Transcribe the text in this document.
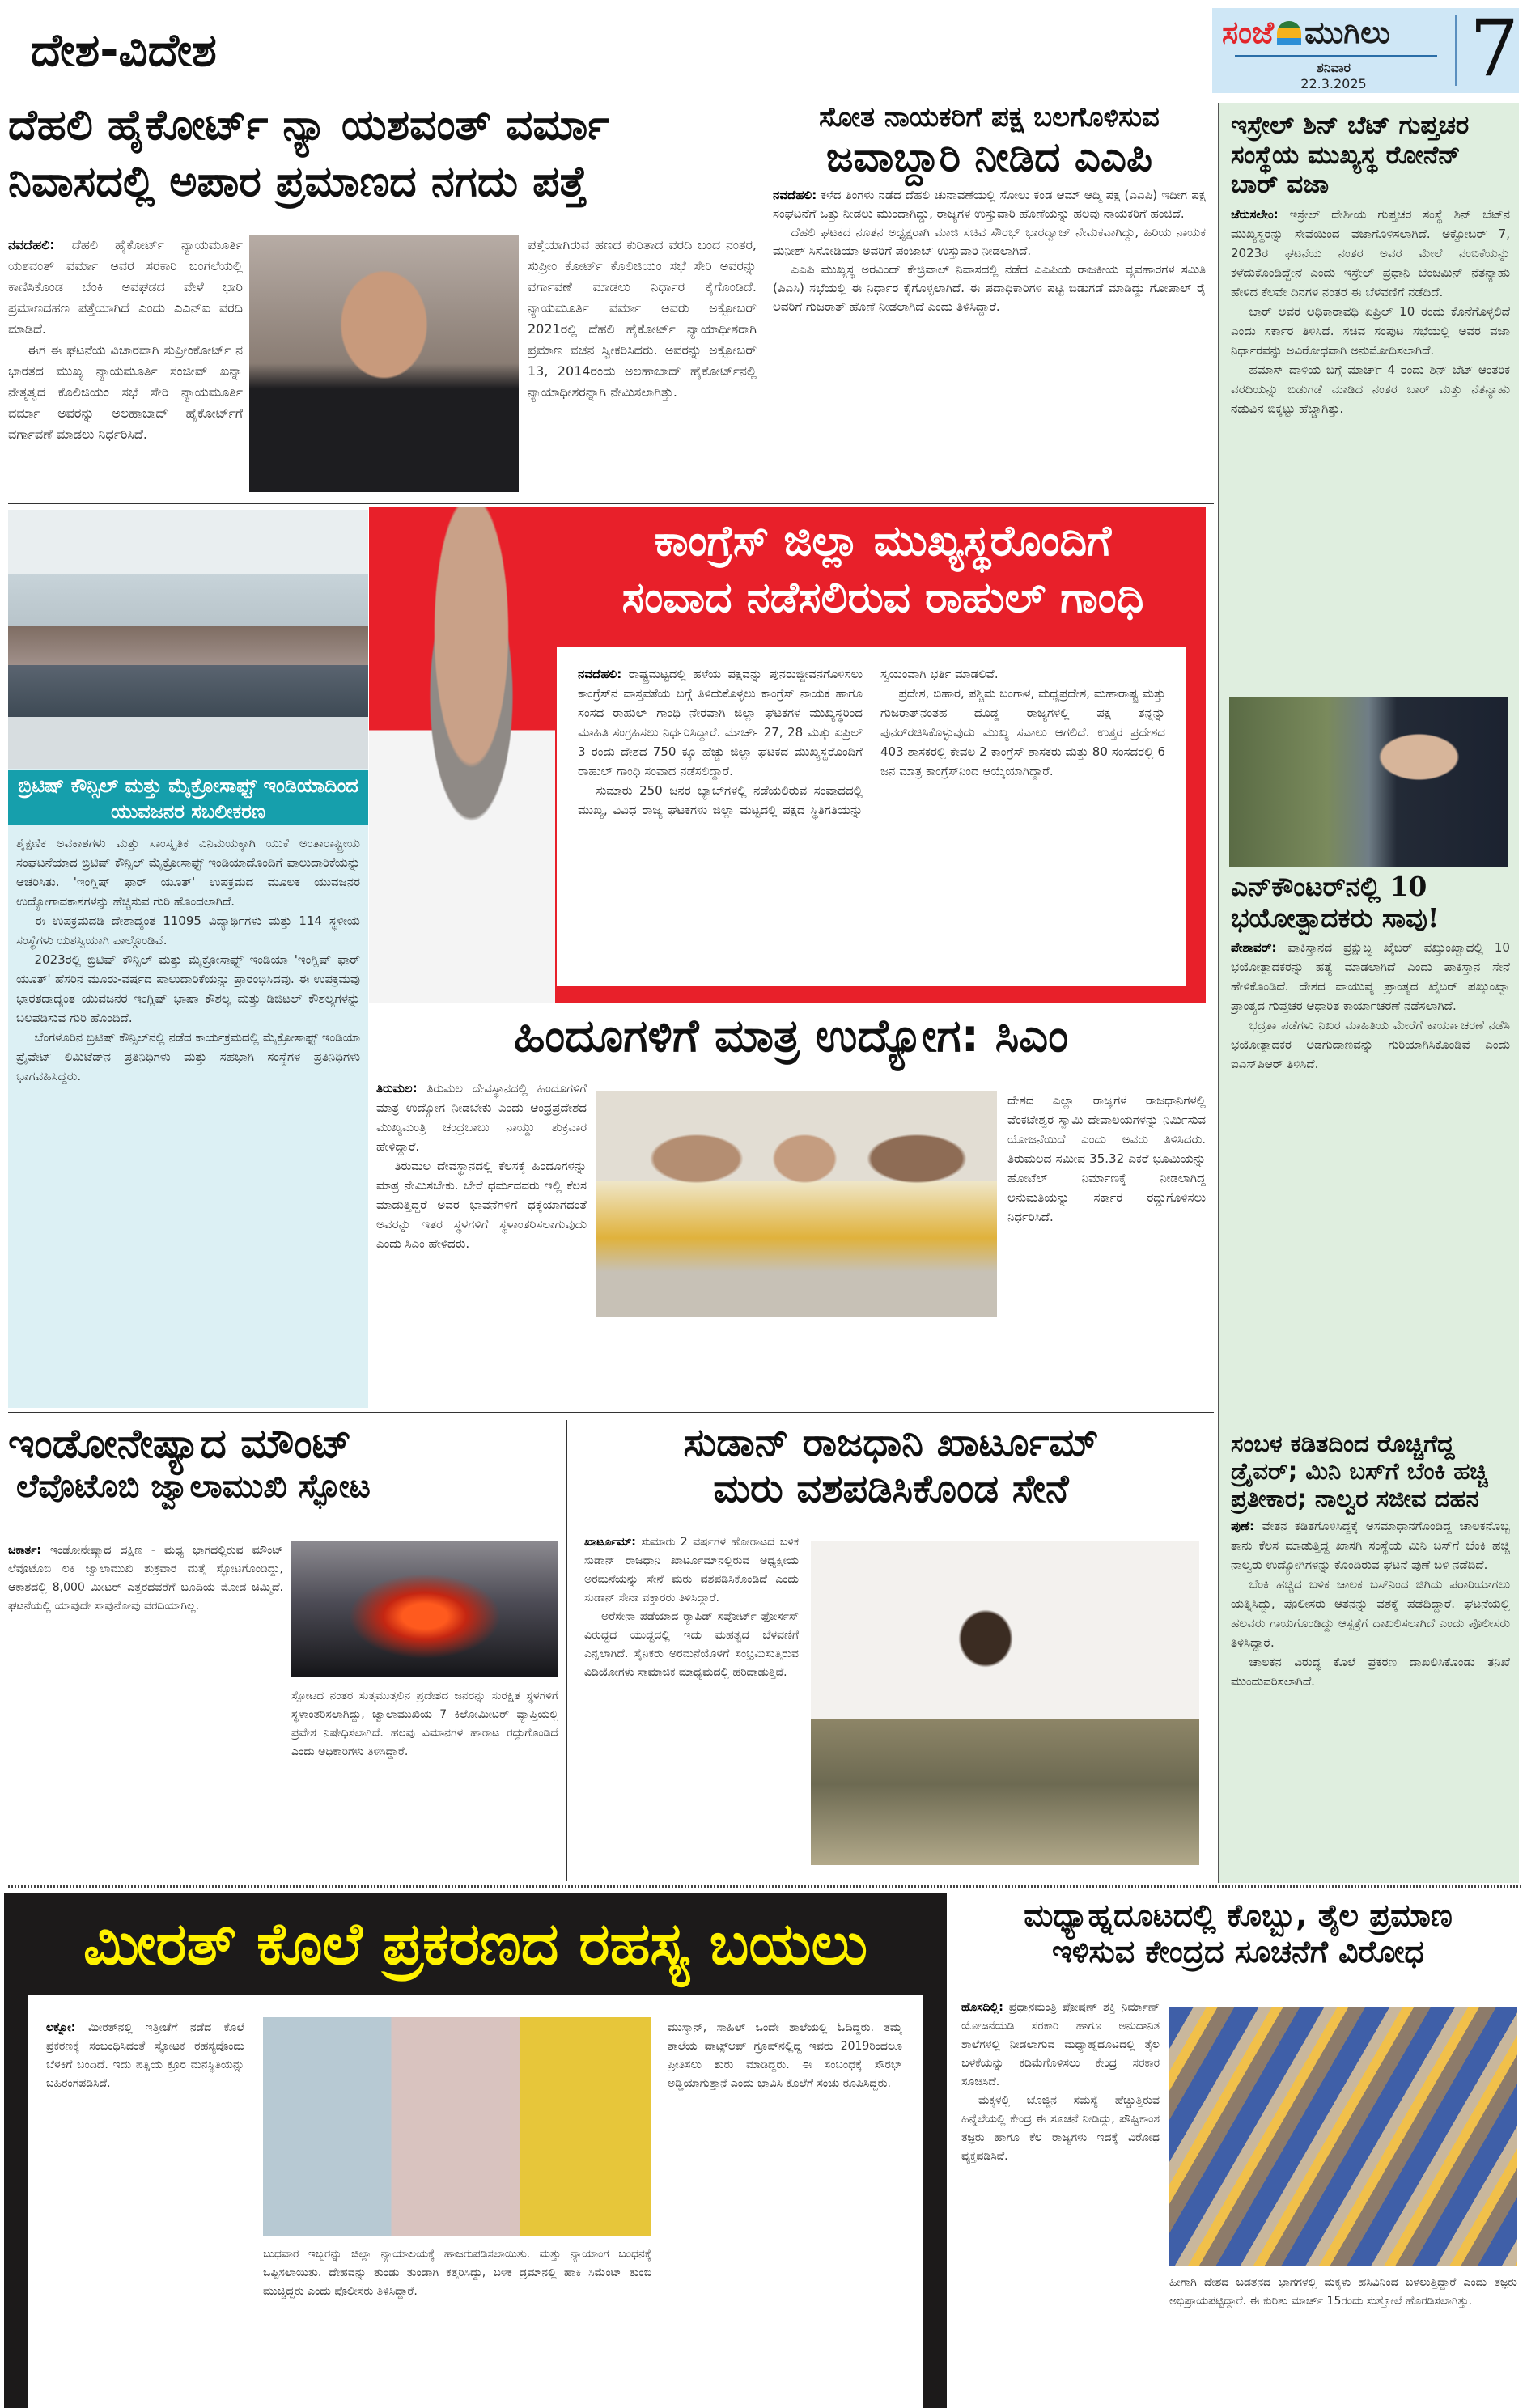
ದೇಶ-ವಿದೇಶ	ಸಂಜೆ ಮುಗಿಲು
ಶನಿವಾರ
22.3.2025	7
ದೆಹಲಿ ಹೈಕೋರ್ಟ್ ನ್ಯಾ ಯಶವಂತ್ ವರ್ಮಾ ನಿವಾಸದಲ್ಲಿ ಅಪಾರ ಪ್ರಮಾಣದ ನಗದು ಪತ್ತೆ

ನವದೆಹಲಿ: ದೆಹಲಿ ಹೈಕೋರ್ಟ್ ನ್ಯಾಯಮೂರ್ತಿ ಯಶವಂತ್ ವರ್ಮಾ ಅವರ ಸರಕಾರಿ ಬಂಗಲೆಯಲ್ಲಿ ಕಾಣಿಸಿಕೊಂಡ ಬೆಂಕಿ ಅವಘಡದ ವೇಳೆ ಭಾರಿ ಪ್ರಮಾಣದಹಣ ಪತ್ತೆಯಾಗಿದೆ ಎಂದು ಎಎನ್‌ಐ ವರದಿ ಮಾಡಿದೆ.

ಈಗ ಈ ಘಟನೆಯ ವಿಚಾರವಾಗಿ ಸುಪ್ರೀಂಕೋರ್ಟ್ ನ ಭಾರತದ ಮುಖ್ಯ ನ್ಯಾಯಮೂರ್ತಿ ಸಂಜೀವ್ ಖನ್ನಾ ನೇತೃತ್ವದ ಕೊಲಿಜಿಯಂ ಸಭೆ ಸೇರಿ ನ್ಯಾಯಮೂರ್ತಿ ವರ್ಮಾ ಅವರನ್ನು ಅಲಹಾಬಾದ್ ಹೈಕೋರ್ಟ್‌ಗೆ ವರ್ಗಾವಣೆ ಮಾಡಲು ನಿರ್ಧರಿಸಿದೆ.

ಪತ್ತೆಯಾಗಿರುವ ಹಣದ ಕುರಿತಾದ ವರದಿ ಬಂದ ನಂತರ, ಸುಪ್ರೀಂ ಕೋರ್ಟ್ ಕೊಲಿಜಿಯಂ ಸಭೆ ಸೇರಿ ಅವರನ್ನು ವರ್ಗಾವಣೆ ಮಾಡಲು ನಿರ್ಧಾರ ಕೈಗೊಂಡಿದೆ. ನ್ಯಾಯಮೂರ್ತಿ ವರ್ಮಾ ಅವರು ಅಕ್ಟೋಬರ್ 2021ರಲ್ಲಿ ದೆಹಲಿ ಹೈಕೋರ್ಟ್ ನ್ಯಾಯಾಧೀಶರಾಗಿ ಪ್ರಮಾಣ ವಚನ ಸ್ವೀಕರಿಸಿದರು. ಅವರನ್ನು ಅಕ್ಟೋಬರ್ 13, 2014ರಂದು ಅಲಹಾಬಾದ್ ಹೈಕೋರ್ಟ್‌ನಲ್ಲಿ ನ್ಯಾಯಾಧೀಶರನ್ನಾಗಿ ನೇಮಿಸಲಾಗಿತ್ತು.

ಸೋತ ನಾಯಕರಿಗೆ ಪಕ್ಷ ಬಲಗೊಳಿಸುವ
ಜವಾಬ್ದಾರಿ ನೀಡಿದ ಎಎಪಿ

ನವದೆಹಲಿ: ಕಳೆದ ತಿಂಗಳು ನಡೆದ ದೆಹಲಿ ಚುನಾವಣೆಯಲ್ಲಿ ಸೋಲು ಕಂಡ ಆಮ್ ಆದ್ಮಿ ಪಕ್ಷ (ಎಎಪಿ) ಇದೀಗ ಪಕ್ಷ ಸಂಘಟನೆಗೆ ಒತ್ತು ನೀಡಲು ಮುಂದಾಗಿದ್ದು, ರಾಜ್ಯಗಳ ಉಸ್ತುವಾರಿ ಹೊಣೆಯನ್ನು ಹಲವು ನಾಯಕರಿಗೆ ಹಂಚಿದೆ.

ದೆಹಲಿ ಘಟಕದ ನೂತನ ಅಧ್ಯಕ್ಷರಾಗಿ ಮಾಜಿ ಸಚಿವ ಸೌರಭ್ ಭಾರದ್ವಾಜ್ ನೇಮಕವಾಗಿದ್ದು, ಹಿರಿಯ ನಾಯಕ ಮನೀಶ್ ಸಿಸೋಡಿಯಾ ಅವರಿಗೆ ಪಂಜಾಬ್ ಉಸ್ತುವಾರಿ ನೀಡಲಾಗಿದೆ.

ಎಎಪಿ ಮುಖ್ಯಸ್ಥ ಅರವಿಂದ್ ಕೇಜ್ರಿವಾಲ್ ನಿವಾಸದಲ್ಲಿ ನಡೆದ ಎಎಪಿಯ ರಾಜಕೀಯ ವ್ಯವಹಾರಗಳ ಸಮಿತಿ (ಪಿಎಸಿ) ಸಭೆಯಲ್ಲಿ ಈ ನಿರ್ಧಾರ ಕೈಗೊಳ್ಳಲಾಗಿದೆ. ಈ ಪದಾಧಿಕಾರಿಗಳ ಪಟ್ಟಿ ಬಿಡುಗಡೆ ಮಾಡಿದ್ದು ಗೋಪಾಲ್ ರೈ ಅವರಿಗೆ ಗುಜರಾತ್ ಹೊಣೆ ನೀಡಲಾಗಿದೆ ಎಂದು ತಿಳಿಸಿದ್ದಾರೆ.

ಇಸ್ರೇಲ್ ಶಿನ್ ಬೆಟ್ ಗುಪ್ತಚರ ಸಂಸ್ಥೆಯ ಮುಖ್ಯಸ್ಥ ರೋನೆನ್ ಬಾರ್ ವಜಾ

ಜೆರುಸಲೇಂ: ಇಸ್ರೇಲ್ ದೇಶೀಯ ಗುಪ್ತಚರ ಸಂಸ್ಥೆ ಶಿನ್ ಬೆಟ್‌ನ ಮುಖ್ಯಸ್ಥರನ್ನು ಸೇವೆಯಿಂದ ವಜಾಗೊಳಿಸಲಾಗಿದೆ. ಅಕ್ಟೋಬರ್ 7, 2023ರ ಘಟನೆಯ ನಂತರ ಅವರ ಮೇಲೆ ನಂಬಿಕೆಯನ್ನು ಕಳೆದುಕೊಂಡಿದ್ದೇನೆ ಎಂದು ಇಸ್ರೇಲ್ ಪ್ರಧಾನಿ ಬೆಂಜಮಿನ್ ನೆತನ್ಯಾಹು ಹೇಳಿದ ಕೆಲವೇ ದಿನಗಳ ನಂತರ ಈ ಬೆಳವಣಿಗೆ ನಡೆದಿದೆ.

ಬಾರ್ ಅವರ ಅಧಿಕಾರಾವಧಿ ಏಪ್ರಿಲ್ 10 ರಂದು ಕೊನೆಗೊಳ್ಳಲಿದೆ ಎಂದು ಸರ್ಕಾರ ತಿಳಿಸಿದೆ. ಸಚಿವ ಸಂಪುಟ ಸಭೆಯಲ್ಲಿ ಅವರ ವಜಾ ನಿರ್ಧಾರವನ್ನು ಅವಿರೋಧವಾಗಿ ಅನುಮೋದಿಸಲಾಗಿದೆ.

ಹಮಾಸ್ ದಾಳಿಯ ಬಗ್ಗೆ ಮಾರ್ಚ್ 4 ರಂದು ಶಿನ್ ಬೆಟ್ ಆಂತರಿಕ ವರದಿಯನ್ನು ಬಿಡುಗಡೆ ಮಾಡಿದ ನಂತರ ಬಾರ್ ಮತ್ತು ನೆತನ್ಯಾಹು ನಡುವಿನ ಬಿಕ್ಕಟ್ಟು ಹೆಚ್ಚಾಗಿತ್ತು.

ಎನ್‌ಕೌಂಟರ್‌ನಲ್ಲಿ 10 ಭಯೋತ್ಪಾದಕರು ಸಾವು!

ಪೇಶಾವರ್: ಪಾಕಿಸ್ತಾನದ ಪ್ರಕ್ಷುಬ್ಧ ಖೈಬರ್ ಪಖ್ತುಂಖ್ವಾದಲ್ಲಿ 10 ಭಯೋತ್ಪಾದಕರನ್ನು ಹತ್ಯೆ ಮಾಡಲಾಗಿದೆ ಎಂದು ಪಾಕಿಸ್ತಾನ ಸೇನೆ ಹೇಳಿಕೊಂಡಿದೆ. ದೇಶದ ವಾಯುವ್ಯ ಪ್ರಾಂತ್ಯದ ಖೈಬರ್ ಪಖ್ತುಂಖ್ವಾ ಪ್ರಾಂತ್ಯದ ಗುಪ್ತಚರ ಆಧಾರಿತ ಕಾರ್ಯಾಚರಣೆ ನಡೆಸಲಾಗಿದೆ.

ಭದ್ರತಾ ಪಡೆಗಳು ನಿಖರ ಮಾಹಿತಿಯ ಮೇರೆಗೆ ಕಾರ್ಯಾಚರಣೆ ನಡೆಸಿ ಭಯೋತ್ಪಾದಕರ ಅಡಗುದಾಣವನ್ನು ಗುರಿಯಾಗಿಸಿಕೊಂಡಿವೆ ಎಂದು ಐಎಸ್‌ಪಿಆರ್ ತಿಳಿಸಿದೆ.

ಸಂಬಳ ಕಡಿತದಿಂದ ರೊಚ್ಚಿಗೆದ್ದ ಡ್ರೈವರ್; ಮಿನಿ ಬಸ್‌ಗೆ ಬೆಂಕಿ ಹಚ್ಚಿ ಪ್ರತೀಕಾರ; ನಾಲ್ವರ ಸಜೀವ ದಹನ

ಪುಣೆ: ವೇತನ ಕಡಿತಗೊಳಿಸಿದ್ದಕ್ಕೆ ಅಸಮಾಧಾನಗೊಂಡಿದ್ದ ಚಾಲಕನೊಬ್ಬ ತಾನು ಕೆಲಸ ಮಾಡುತ್ತಿದ್ದ ಖಾಸಗಿ ಸಂಸ್ಥೆಯ ಮಿನಿ ಬಸ್‌ಗೆ ಬೆಂಕಿ ಹಚ್ಚಿ ನಾಲ್ವರು ಉದ್ಯೋಗಿಗಳನ್ನು ಕೊಂದಿರುವ ಘಟನೆ ಪುಣೆ ಬಳಿ ನಡೆದಿದೆ.

ಬೆಂಕಿ ಹಚ್ಚಿದ ಬಳಿಕ ಚಾಲಕ ಬಸ್‌ನಿಂದ ಜಿಗಿದು ಪರಾರಿಯಾಗಲು ಯತ್ನಿಸಿದ್ದು, ಪೊಲೀಸರು ಆತನನ್ನು ವಶಕ್ಕೆ ಪಡೆದಿದ್ದಾರೆ. ಘಟನೆಯಲ್ಲಿ ಹಲವರು ಗಾಯಗೊಂಡಿದ್ದು ಆಸ್ಪತ್ರೆಗೆ ದಾಖಲಿಸಲಾಗಿದೆ ಎಂದು ಪೊಲೀಸರು ತಿಳಿಸಿದ್ದಾರೆ.

ಚಾಲಕನ ವಿರುದ್ಧ ಕೊಲೆ ಪ್ರಕರಣ ದಾಖಲಿಸಿಕೊಂಡು ತನಿಖೆ ಮುಂದುವರಿಸಲಾಗಿದೆ.

ಬ್ರಿಟಿಷ್ ಕೌನ್ಸಿಲ್ ಮತ್ತು ಮೈಕ್ರೋಸಾಫ್ಟ್ ಇಂಡಿಯಾದಿಂದ ಯುವಜನರ ಸಬಲೀಕರಣ

ಶೈಕ್ಷಣಿಕ ಅವಕಾಶಗಳು ಮತ್ತು ಸಾಂಸ್ಕೃತಿಕ ವಿನಿಮಯಕ್ಕಾಗಿ ಯುಕೆ ಅಂತಾರಾಷ್ಟ್ರೀಯ ಸಂಘಟನೆಯಾದ ಬ್ರಿಟಿಷ್ ಕೌನ್ಸಿಲ್ ಮೈಕ್ರೋಸಾಫ್ಟ್ ಇಂಡಿಯಾದೊಂದಿಗೆ ಪಾಲುದಾರಿಕೆಯನ್ನು ಆಚರಿಸಿತು. 'ಇಂಗ್ಲಿಷ್ ಫಾರ್ ಯೂತ್' ಉಪಕ್ರಮದ ಮೂಲಕ ಯುವಜನರ ಉದ್ಯೋಗಾವಕಾಶಗಳನ್ನು ಹೆಚ್ಚಿಸುವ ಗುರಿ ಹೊಂದಲಾಗಿದೆ.

ಈ ಉಪಕ್ರಮದಡಿ ದೇಶಾದ್ಯಂತ 11095 ವಿದ್ಯಾರ್ಥಿಗಳು ಮತ್ತು 114 ಸ್ಥಳೀಯ ಸಂಸ್ಥೆಗಳು ಯಶಸ್ವಿಯಾಗಿ ಪಾಲ್ಗೊಂಡಿವೆ.

2023ರಲ್ಲಿ ಬ್ರಿಟಿಷ್ ಕೌನ್ಸಿಲ್ ಮತ್ತು ಮೈಕ್ರೋಸಾಫ್ಟ್ ಇಂಡಿಯಾ 'ಇಂಗ್ಲಿಷ್ ಫಾರ್ ಯೂತ್' ಹೆಸರಿನ ಮೂರು-ವರ್ಷದ ಪಾಲುದಾರಿಕೆಯನ್ನು ಪ್ರಾರಂಭಿಸಿದವು. ಈ ಉಪಕ್ರಮವು ಭಾರತದಾದ್ಯಂತ ಯುವಜನರ ಇಂಗ್ಲಿಷ್ ಭಾಷಾ ಕೌಶಲ್ಯ ಮತ್ತು ಡಿಜಿಟಲ್ ಕೌಶಲ್ಯಗಳನ್ನು ಬಲಪಡಿಸುವ ಗುರಿ ಹೊಂದಿದೆ.

ಬೆಂಗಳೂರಿನ ಬ್ರಿಟಿಷ್ ಕೌನ್ಸಿಲ್‌ನಲ್ಲಿ ನಡೆದ ಕಾರ್ಯಕ್ರಮದಲ್ಲಿ ಮೈಕ್ರೋಸಾಫ್ಟ್ ಇಂಡಿಯಾ ಪ್ರೈವೇಟ್ ಲಿಮಿಟೆಡ್‌ನ ಪ್ರತಿನಿಧಿಗಳು ಮತ್ತು ಸಹಭಾಗಿ ಸಂಸ್ಥೆಗಳ ಪ್ರತಿನಿಧಿಗಳು ಭಾಗವಹಿಸಿದ್ದರು.

ಕಾಂಗ್ರೆಸ್ ಜಿಲ್ಲಾ ಮುಖ್ಯಸ್ಥರೊಂದಿಗೆ
ಸಂವಾದ ನಡೆಸಲಿರುವ ರಾಹುಲ್ ಗಾಂಧಿ

ನವದೆಹಲಿ: ರಾಷ್ಟ್ರಮಟ್ಟದಲ್ಲಿ ಹಳೆಯ ಪಕ್ಷವನ್ನು ಪುನರುಜ್ಜೀವನಗೊಳಿಸಲು ಕಾಂಗ್ರೆಸ್‌ನ ವಾಸ್ತವತೆಯ ಬಗ್ಗೆ ತಿಳಿದುಕೊಳ್ಳಲು ಕಾಂಗ್ರೆಸ್ ನಾಯಕ ಹಾಗೂ ಸಂಸದ ರಾಹುಲ್ ಗಾಂಧಿ ನೇರವಾಗಿ ಜಿಲ್ಲಾ ಘಟಕಗಳ ಮುಖ್ಯಸ್ಥರಿಂದ ಮಾಹಿತಿ ಸಂಗ್ರಹಿಸಲು ನಿರ್ಧರಿಸಿದ್ದಾರೆ. ಮಾರ್ಚ್ 27, 28 ಮತ್ತು ಏಪ್ರಿಲ್ 3 ರಂದು ದೇಶದ 750 ಕ್ಕೂ ಹೆಚ್ಚು ಜಿಲ್ಲಾ ಘಟಕದ ಮುಖ್ಯಸ್ಥರೊಂದಿಗೆ ರಾಹುಲ್ ಗಾಂಧಿ ಸಂವಾದ ನಡೆಸಲಿದ್ದಾರೆ.

ಸುಮಾರು 250 ಜನರ ಬ್ಯಾಚ್‌ಗಳಲ್ಲಿ ನಡೆಯಲಿರುವ ಸಂವಾದದಲ್ಲಿ ಮುಖ್ಯ, ವಿವಿಧ ರಾಜ್ಯ ಘಟಕಗಳು ಜಿಲ್ಲಾ ಮಟ್ಟದಲ್ಲಿ ಪಕ್ಷದ ಸ್ಥಿತಿಗತಿಯನ್ನು ಸ್ವಯಂವಾಗಿ ಭರ್ತಿ ಮಾಡಲಿವೆ.

ಪ್ರದೇಶ, ಬಿಹಾರ, ಪಶ್ಚಿಮ ಬಂಗಾಳ, ಮಧ್ಯಪ್ರದೇಶ, ಮಹಾರಾಷ್ಟ್ರ ಮತ್ತು ಗುಜರಾತ್‌ನಂತಹ ದೊಡ್ಡ ರಾಜ್ಯಗಳಲ್ಲಿ ಪಕ್ಷ ತನ್ನನ್ನು ಪುನರ್‌ರಚಿಸಿಕೊಳ್ಳುವುದು ಮುಖ್ಯ ಸವಾಲು ಆಗಲಿದೆ. ಉತ್ತರ ಪ್ರದೇಶದ 403 ಶಾಸಕರಲ್ಲಿ ಕೇವಲ 2 ಕಾಂಗ್ರೆಸ್ ಶಾಸಕರು ಮತ್ತು 80 ಸಂಸದರಲ್ಲಿ 6 ಜನ ಮಾತ್ರ ಕಾಂಗ್ರೆಸ್‌ನಿಂದ ಆಯ್ಕೆಯಾಗಿದ್ದಾರೆ.

ಹಿಂದೂಗಳಿಗೆ ಮಾತ್ರ ಉದ್ಯೋಗ: ಸಿಎಂ

ತಿರುಮಲ: ತಿರುಮಲ ದೇವಸ್ಥಾನದಲ್ಲಿ ಹಿಂದೂಗಳಿಗೆ ಮಾತ್ರ ಉದ್ಯೋಗ ನೀಡಬೇಕು ಎಂದು ಆಂಧ್ರಪ್ರದೇಶದ ಮುಖ್ಯಮಂತ್ರಿ ಚಂದ್ರಬಾಬು ನಾಯ್ಡು ಶುಕ್ರವಾರ ಹೇಳಿದ್ದಾರೆ.

ತಿರುಮಲ ದೇವಸ್ಥಾನದಲ್ಲಿ ಕೆಲಸಕ್ಕೆ ಹಿಂದೂಗಳನ್ನು ಮಾತ್ರ ನೇಮಿಸಬೇಕು. ಬೇರೆ ಧರ್ಮದವರು ಇಲ್ಲಿ ಕೆಲಸ ಮಾಡುತ್ತಿದ್ದರೆ ಅವರ ಭಾವನೆಗಳಿಗೆ ಧಕ್ಕೆಯಾಗದಂತೆ ಅವರನ್ನು ಇತರ ಸ್ಥಳಗಳಿಗೆ ಸ್ಥಳಾಂತರಿಸಲಾಗುವುದು ಎಂದು ಸಿಎಂ ಹೇಳಿದರು.

ದೇಶದ ಎಲ್ಲಾ ರಾಜ್ಯಗಳ ರಾಜಧಾನಿಗಳಲ್ಲಿ ವೆಂಕಟೇಶ್ವರ ಸ್ವಾಮಿ ದೇವಾಲಯಗಳನ್ನು ನಿರ್ಮಿಸುವ ಯೋಜನೆಯಿದೆ ಎಂದು ಅವರು ತಿಳಿಸಿದರು. ತಿರುಮಲದ ಸಮೀಪ 35.32 ಎಕರೆ ಭೂಮಿಯನ್ನು ಹೋಟೆಲ್ ನಿರ್ಮಾಣಕ್ಕೆ ನೀಡಲಾಗಿದ್ದ ಅನುಮತಿಯನ್ನು ಸರ್ಕಾರ ರದ್ದುಗೊಳಿಸಲು ನಿರ್ಧರಿಸಿದೆ.

ಇಂಡೋನೇಷ್ಯಾದ ಮೌಂಟ್
ಲೆವೊಟೊಬಿ ಜ್ವಾಲಾಮುಖಿ ಸ್ಫೋಟ

ಜಕಾರ್ತ: ಇಂಡೋನೇಷ್ಯಾದ ದಕ್ಷಿಣ - ಮಧ್ಯ ಭಾಗದಲ್ಲಿರುವ ಮೌಂಟ್ ಲೆವೊಟೊಬಿ ಲಕಿ ಜ್ವಾಲಾಮುಖಿ ಶುಕ್ರವಾರ ಮತ್ತೆ ಸ್ಫೋಟಗೊಂಡಿದ್ದು, ಆಕಾಶದಲ್ಲಿ 8,000 ಮೀಟರ್ ಎತ್ತರದವರೆಗೆ ಬೂದಿಯ ಮೋಡ ಚಿಮ್ಮಿದೆ. ಘಟನೆಯಲ್ಲಿ ಯಾವುದೇ ಸಾವುನೋವು ವರದಿಯಾಗಿಲ್ಲ.

ಸ್ಫೋಟದ ನಂತರ ಸುತ್ತಮುತ್ತಲಿನ ಪ್ರದೇಶದ ಜನರನ್ನು ಸುರಕ್ಷಿತ ಸ್ಥಳಗಳಿಗೆ ಸ್ಥಳಾಂತರಿಸಲಾಗಿದ್ದು, ಜ್ವಾಲಾಮುಖಿಯ 7 ಕಿಲೋಮೀಟರ್ ವ್ಯಾಪ್ತಿಯಲ್ಲಿ ಪ್ರವೇಶ ನಿಷೇಧಿಸಲಾಗಿದೆ. ಹಲವು ವಿಮಾನಗಳ ಹಾರಾಟ ರದ್ದುಗೊಂಡಿದೆ ಎಂದು ಅಧಿಕಾರಿಗಳು ತಿಳಿಸಿದ್ದಾರೆ.

ಸುಡಾನ್ ರಾಜಧಾನಿ ಖಾರ್ಟೂಮ್
ಮರು ವಶಪಡಿಸಿಕೊಂಡ ಸೇನೆ

ಖಾರ್ಟೂಮ್: ಸುಮಾರು 2 ವರ್ಷಗಳ ಹೋರಾಟದ ಬಳಿಕ ಸುಡಾನ್ ರಾಜಧಾನಿ ಖಾರ್ಟೂಮ್‌ನಲ್ಲಿರುವ ಅಧ್ಯಕ್ಷೀಯ ಅರಮನೆಯನ್ನು ಸೇನೆ ಮರು ವಶಪಡಿಸಿಕೊಂಡಿದೆ ಎಂದು ಸುಡಾನ್ ಸೇನಾ ವಕ್ತಾರರು ತಿಳಿಸಿದ್ದಾರೆ.

ಅರೆಸೇನಾ ಪಡೆಯಾದ ರ್‍ಯಾಪಿಡ್ ಸಪೋರ್ಟ್ ಫೋರ್ಸಸ್ ವಿರುದ್ಧದ ಯುದ್ಧದಲ್ಲಿ ಇದು ಮಹತ್ವದ ಬೆಳವಣಿಗೆ ಎನ್ನಲಾಗಿದೆ. ಸೈನಿಕರು ಅರಮನೆಯೊಳಗೆ ಸಂಭ್ರಮಿಸುತ್ತಿರುವ ವಿಡಿಯೋಗಳು ಸಾಮಾಜಿಕ ಮಾಧ್ಯಮದಲ್ಲಿ ಹರಿದಾಡುತ್ತಿವೆ.

ಮೀರತ್ ಕೊಲೆ ಪ್ರಕರಣದ ರಹಸ್ಯ ಬಯಲು

ಲಕ್ನೋ: ಮೀರತ್‌ನಲ್ಲಿ ಇತ್ತೀಚೆಗೆ ನಡೆದ ಕೊಲೆ ಪ್ರಕರಣಕ್ಕೆ ಸಂಬಂಧಿಸಿದಂತೆ ಸ್ಫೋಟಕ ರಹಸ್ಯವೊಂದು ಬೆಳಕಿಗೆ ಬಂದಿದೆ. ಇದು ಪತ್ನಿಯ ಕ್ರೂರ ಮನಸ್ಥಿತಿಯನ್ನು ಬಹಿರಂಗಪಡಿಸಿದೆ.

ಬುಧವಾರ ಇಬ್ಬರನ್ನು ಜಿಲ್ಲಾ ನ್ಯಾಯಾಲಯಕ್ಕೆ ಹಾಜರುಪಡಿಸಲಾಯಿತು. ಮತ್ತು ನ್ಯಾಯಾಂಗ ಬಂಧನಕ್ಕೆ ಒಪ್ಪಿಸಲಾಯಿತು. ದೇಹವನ್ನು ತುಂಡು ತುಂಡಾಗಿ ಕತ್ತರಿಸಿದ್ದು, ಬಳಿಕ ಡ್ರಮ್‌ನಲ್ಲಿ ಹಾಕಿ ಸಿಮೆಂಟ್ ತುಂಬಿ ಮುಚ್ಚಿದ್ದರು ಎಂದು ಪೊಲೀಸರು ತಿಳಿಸಿದ್ದಾರೆ.

ಮುಸ್ಕಾನ್, ಸಾಹಿಲ್ ಒಂದೇ ಶಾಲೆಯಲ್ಲಿ ಓದಿದ್ದರು. ತಮ್ಮ ಶಾಲೆಯ ವಾಟ್ಸ್‌ಆಪ್ ಗ್ರೂಪ್‌ನಲ್ಲಿದ್ದ ಇವರು 2019ರಿಂದಲೂ ಪ್ರೀತಿಸಲು ಶುರು ಮಾಡಿದ್ದರು. ಈ ಸಂಬಂಧಕ್ಕೆ ಸೌರಭ್ ಅಡ್ಡಿಯಾಗುತ್ತಾನೆ ಎಂದು ಭಾವಿಸಿ ಕೊಲೆಗೆ ಸಂಚು ರೂಪಿಸಿದ್ದರು.

ಮಧ್ಯಾಹ್ನದೂಟದಲ್ಲಿ ಕೊಬ್ಬು, ತೈಲ ಪ್ರಮಾಣ
ಇಳಿಸುವ ಕೇಂದ್ರದ ಸೂಚನೆಗೆ ವಿರೋಧ

ಹೊಸದಿಲ್ಲಿ: ಪ್ರಧಾನಮಂತ್ರಿ ಪೋಷಣ್ ಶಕ್ತಿ ನಿರ್ಮಾಣ್ ಯೋಜನೆಯಡಿ ಸರಕಾರಿ ಹಾಗೂ ಅನುದಾನಿತ ಶಾಲೆಗಳಲ್ಲಿ ನೀಡಲಾಗುವ ಮಧ್ಯಾಹ್ನದೂಟದಲ್ಲಿ ತೈಲ ಬಳಕೆಯನ್ನು ಕಡಿಮೆಗೊಳಿಸಲು ಕೇಂದ್ರ ಸರಕಾರ ಸೂಚಿಸಿದೆ.

ಮಕ್ಕಳಲ್ಲಿ ಬೊಜ್ಜಿನ ಸಮಸ್ಯೆ ಹೆಚ್ಚುತ್ತಿರುವ ಹಿನ್ನೆಲೆಯಲ್ಲಿ ಕೇಂದ್ರ ಈ ಸೂಚನೆ ನೀಡಿದ್ದು, ಪೌಷ್ಟಿಕಾಂಶ ತಜ್ಞರು ಹಾಗೂ ಕೆಲ ರಾಜ್ಯಗಳು ಇದಕ್ಕೆ ವಿರೋಧ ವ್ಯಕ್ತಪಡಿಸಿವೆ.

ಹೀಗಾಗಿ ದೇಶದ ಬಡತನದ ಭಾಗಗಳಲ್ಲಿ ಮಕ್ಕಳು ಹಸಿವಿನಿಂದ ಬಳಲುತ್ತಿದ್ದಾರೆ ಎಂದು ತಜ್ಞರು ಅಭಿಪ್ರಾಯಪಟ್ಟಿದ್ದಾರೆ. ಈ ಕುರಿತು ಮಾರ್ಚ್ 15ರಂದು ಸುತ್ತೋಲೆ ಹೊರಡಿಸಲಾಗಿತ್ತು.
